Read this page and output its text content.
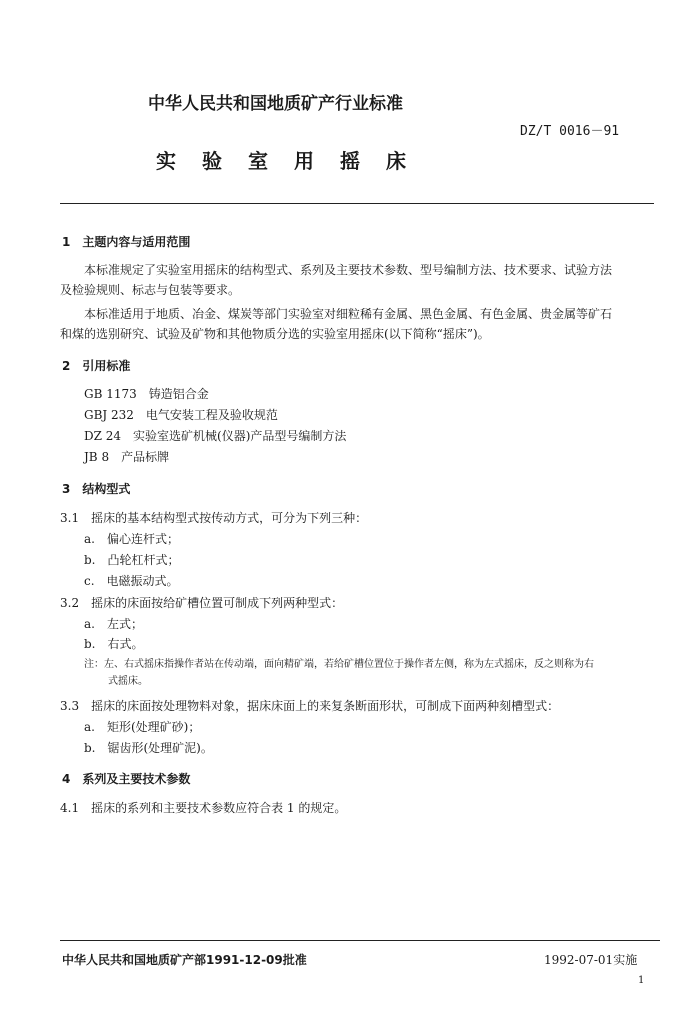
中华人民共和国地质矿产行业标准
DZ/T 0016－91
实验室用摇床
1　主题内容与适用范围
本标准规定了实验室用摇床的结构型式、系列及主要技术参数、型号编制方法、技术要求、试验方法
及检验规则、标志与包装等要求。
本标准适用于地质、冶金、煤炭等部门实验室对细粒稀有金属、黑色金属、有色金属、贵金属等矿石
和煤的选别研究、试验及矿物和其他物质分选的实验室用摇床(以下简称“摇床”)。
2　引用标准
GB 1173　铸造铝合金
GBJ 232　电气安装工程及验收规范
DZ 24　实验室选矿机械(仪器)产品型号编制方法
JB 8　产品标牌
3　结构型式
3.1　摇床的基本结构型式按传动方式，可分为下列三种：
a.　偏心连杆式；
b.　凸轮杠杆式；
c.　电磁振动式。
3.2　摇床的床面按给矿槽位置可制成下列两种型式：
a.　左式；
b.　右式。
注：左、右式摇床指操作者站在传动端，面向精矿端，若给矿槽位置位于操作者左侧，称为左式摇床，反之则称为右
式摇床。
3.3　摇床的床面按处理物料对象，据床床面上的来复条断面形状，可制成下面两种刻槽型式：
a.　矩形(处理矿砂)；
b.　锯齿形(处理矿泥)。
4　系列及主要技术参数
4.1　摇床的系列和主要技术参数应符合表 1 的规定。
中华人民共和国地质矿产部1991-12-09批准	1992-07-01实施
1
